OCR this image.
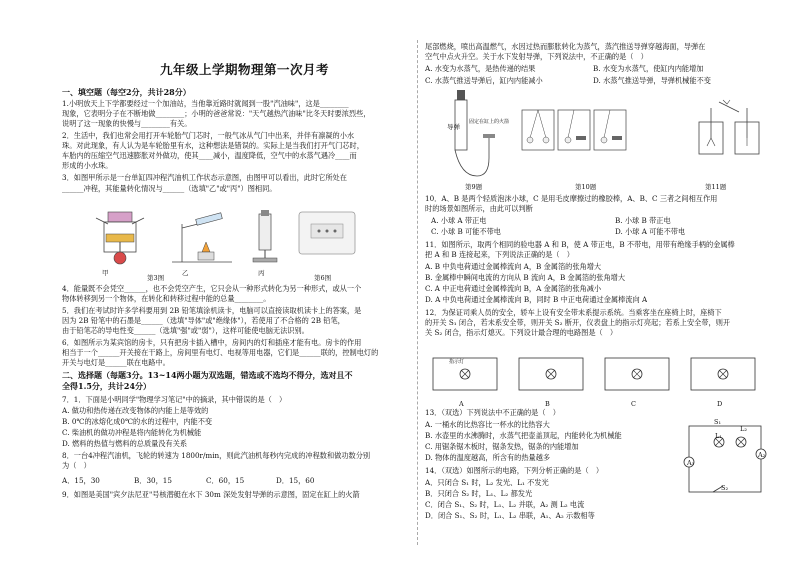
九年级上学期物理第一次月考
一、填空题（每空2分，共计28分）
1.小明放天上下学都要经过一个加油站，当他靠近路时就闻到一股"汽油味"，这是________
现象，它表明分子在不断地做________；小明的爸爸常说："天气越热汽油味"比冬天时要浓烈些，
说明了这一现象的快慢与________有关。
2．生活中，我们也常会用打开车轮胎气门芯时，一般气冰从气门中出来，并伴有凛凝的小水
珠。对此现象，有人认为是车轮胎里有水，这种想法是错误的。实际上是当我们打开气门芯时，
车胎内的压缩空气迅速膨胀对外做功，使其____减小，温度降低，空气中的水蒸气遇冷____而
形成的小水珠。
3．如图甲所示是一台单缸四冲程汽油机工作状态示意图，由图甲可以看出，此时它所处在
______冲程，其能量转化情况与______（选填"乙"或"丙"）图相同。
甲	乙	丙
第3图	第6图
4．能量既不会凭空______，也不会凭空产生，它只会从一种形式转化为另一种形式，或从一个
物体转移到另一个物体，在转化和转移过程中能的总量________。
5．我们在考试时许多学科要用到 2B 铅笔填涂机读卡，电脑可以直接读取机读卡上的答案，是
因为 2B 铅笔中的石墨是______（选填"导体"或"绝缘体"），若使用了不合格的 2B 铅笔，
由于铅笔芯的导电性变______（选填"强"或"弱"），这样可能使电脑无法识别。
6．如图所示为某宾馆的房卡，只有把房卡插入槽中，房间内的灯和插座才能有电。房卡的作用
相当于一个______开关接在干路上，房间里有电灯、电视等用电器，它们是______联的，控制电灯的
开关与电灯是______联在电路中。
二、选择题（每题3分。13~14两小题为双选题，错选或不选均不得分，选对且不
全得1.5分，共计24分）
7．1．下面是小明同学"物理学习笔记"中的摘录，其中错误的是（　）
A. 做功和热传递在改变物体的内能上是等效的
B. 0℃的冰熔化成0℃的水的过程中，内能不变
C. 柴油机的做功冲程是将内能转化为机械能
D. 燃料的热值与燃料的总质量没有关系
8．一台4冲程汽油机，飞轮的转速为 1800r/min，则此汽油机每秒内完成的冲程数和做功数分别
为（　）
A．15，30	B．30，15	C．60，15	D．15，60
9．如图是美国"宾夕法尼亚"号核潜艇在水下 30m 深处发射导弹的示意图，固定在缸上的火箭
尾部燃烧，喷出高温燃气，水因过热而膨胀转化为蒸气，蒸汽推送导弹穿越海面，导弹在
空气中点火升空。关于水下发射导弹，下列说法中，不正确的是（　）
A. 水变为水蒸气，是热传递的结果	B. 水变为水蒸气，使缸内内能增加
C. 水蒸气推送导弹后，缸内内能减小	D. 水蒸气推送导弹，导弹机械能不变
导弹
固定在缸上的火箭
第9题	第10题	第11题
10．A、B 是两个轻质泡沫小球，C 是用毛皮摩擦过的橡胶棒，A、B、C 三者之间相互作用
时的场景如图所示，由此可以判断
A. 小球 A 带正电	B. 小球 B 带正电
C. 小球 B 可能不带电	D. 小球 A 可能不带电
11．如图所示，取两个相同的验电器 A 和 B，使 A 带正电，B 不带电，用带有绝缘手柄的金属棒
把 A 和 B 连接起来，下列说法正确的是（　）
A. B 中负电荷通过金属棒流向 A，B 金属箔的张角增大
B. 金属棒中瞬间电流的方向从 B 流向 A，B 金属箔的张角增大
C. A 中正电荷通过金属棒流向 B，A 金属箔的张角减小
D. A 中负电荷通过金属棒流向 B，同时 B 中正电荷通过金属棒流向 A
12．为保证司乘人员的安全，轿车上设有安全带未系提示系统。当乘客坐在座椅上时，座椅下
的开关 S₁ 闭合，若未系安全带，则开关 S₂ 断开，仪表盘上的指示灯亮起；若系上安全带，则开
关 S₂ 闭合，指示灯熄灭。下列设计最合理的电路图是（　）
A	B	C	D
指示灯
13．（双选）下列说法中不正确的是（　）
A. 一桶水的比热容比一杯水的比热容大
B. 水壶里的水沸腾时，水蒸气把壶盖顶起，内能转化为机械能
C. 用锯条锯木板时，锯条发热，锯条的内能增加
D. 物体的温度越高，所含有的热量越多
14．（双选）如图所示的电路，下列分析正确的是（　）
A．只闭合 S₁ 时，L₂ 发光、L₁ 不发光
B．只闭合 S₂ 时，L₁、L₂ 都发光
C．闭合 S₁、S₂ 时，L₁、L₂ 并联，A₂ 测 L₂ 电流
D．闭合 S₁、S₂ 时，L₁、L₂ 串联，A₁、A₂ 示数相等
A₁
A₂
L₁
L₂
S₁
S₂
